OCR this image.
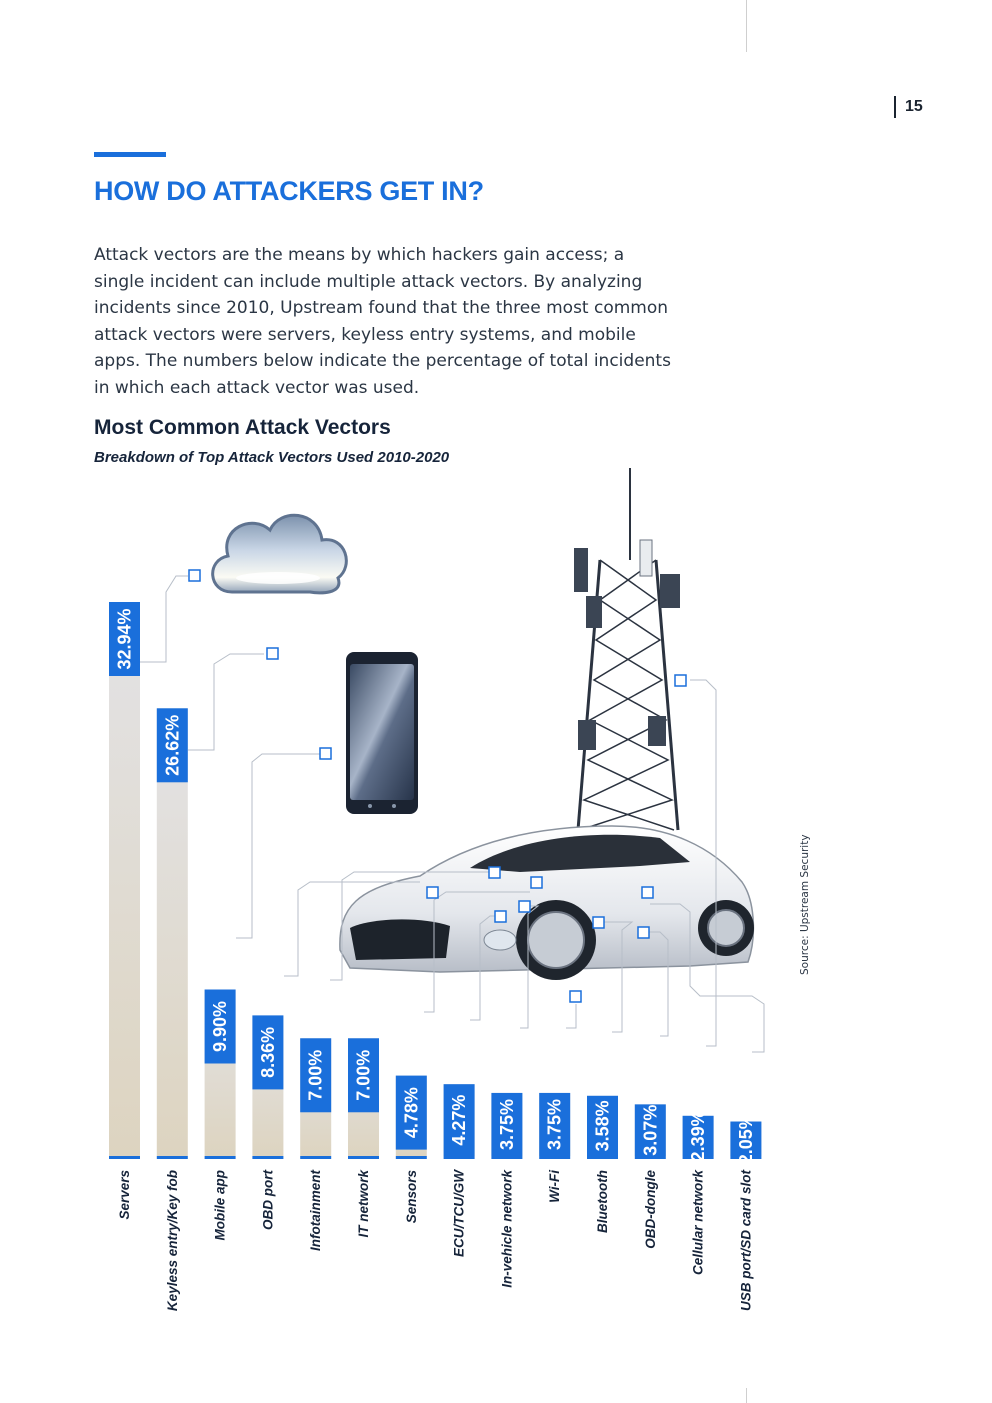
15
HOW DO ATTACKERS GET IN?

Attack vectors are the means by which hackers gain access; a single incident can include multiple attack vectors. By analyzing incidents since 2010, Upstream found that the three most common attack vectors were servers, keyless entry systems, and mobile apps. The numbers below indicate the percentage of total incidents in which each attack vector was used.

Most Common Attack Vectors

Breakdown of Top Attack Vectors Used 2010-2020

Source: Upstream Security
32.94%
26.62%
9.90%
8.36% 7.00% 7.00%
4.78% 4.27% 3.75% 3.75% 3.58% 3.07% 2.39% 2.05%
Servers Keyless entry/Key fob Mobile app OBD port Infotainment IT network Sensors ECU/TCU/GW In-vehicle network Wi-Fi Bluetooth OBD-dongle Cellular network USB port/SD card slot
